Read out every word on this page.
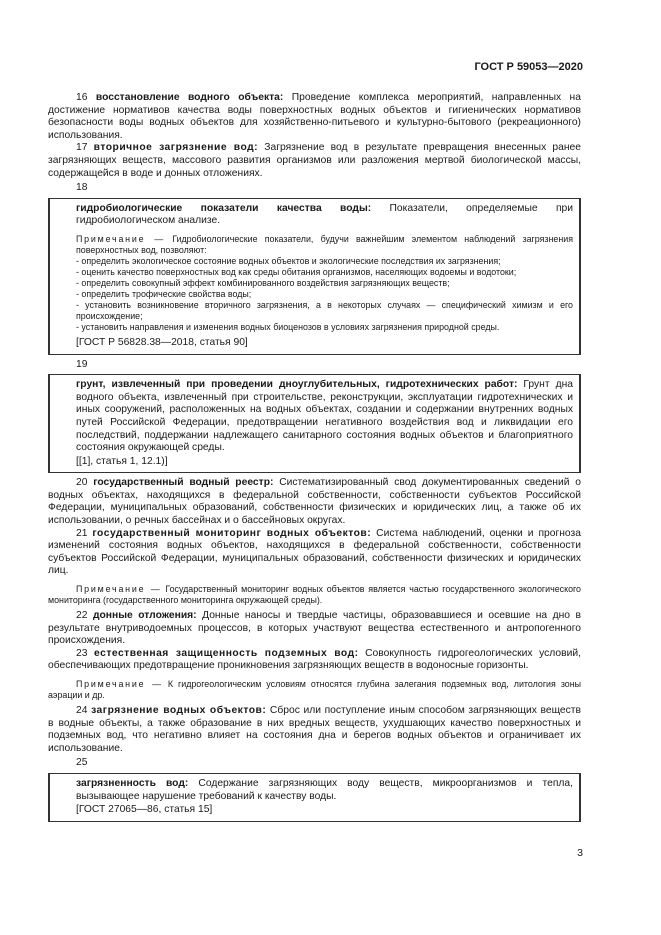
ГОСТ Р 59053—2020

16 восстановление водного объекта: Проведение комплекса мероприятий, направленных на достижение нормативов качества воды поверхностных водных объектов и гигиенических нормативов безопасности воды водных объектов для хозяйственно-питьевого и культурно-бытового (рекреационного) использования.

17 вторичное загрязнение вод: Загрязнение вод в результате превращения внесенных ранее загрязняющих веществ, массового развития организмов или разложения мертвой биологической массы, содержащейся в воде и донных отложениях.

18

гидробиологические показатели качества воды: Показатели, определяемые при гидробиологическом анализе.

Примечание — Гидробиологические показатели, будучи важнейшим элементом наблюдений загрязнения поверхностных вод, позволяют:

- определить экологическое состояние водных объектов и экологические последствия их загрязнения;

- оценить качество поверхностных вод как среды обитания организмов, населяющих водоемы и водотоки;

- определить совокупный эффект комбинированного воздействия загрязняющих веществ;

- определить трофические свойства воды;

- установить возникновение вторичного загрязнения, а в некоторых случаях — специфический химизм и его происхождение;

- установить направления и изменения водных биоценозов в условиях загрязнения природной среды.

[ГОСТ Р 56828.38—2018, статья 90]

19

грунт, извлеченный при проведении дноуглубительных, гидротехнических работ: Грунт дна водного объекта, извлеченный при строительстве, реконструкции, эксплуатации гидротехнических и иных сооружений, расположенных на водных объектах, создании и содержании внутренних водных путей Российской Федерации, предотвращении негативного воздействия вод и ликвидации его последствий, поддержании надлежащего санитарного состояния водных объектов и благоприятного состояния окружающей среды.

[[1], статья 1, 12.1)]

20 государственный водный реестр: Систематизированный свод документированных сведений о водных объектах, находящихся в федеральной собственности, собственности субъектов Российской Федерации, муниципальных образований, собственности физических и юридических лиц, а также об их использовании, о речных бассейнах и о бассейновых округах.

21 государственный мониторинг водных объектов: Система наблюдений, оценки и прогноза изменений состояния водных объектов, находящихся в федеральной собственности, собственности субъектов Российской Федерации, муниципальных образований, собственности физических и юридических лиц.

Примечание — Государственный мониторинг водных объектов является частью государственного экологического мониторинга (государственного мониторинга окружающей среды).

22 донные отложения: Донные наносы и твердые частицы, образовавшиеся и осевшие на дно в результате внутриводоемных процессов, в которых участвуют вещества естественного и антропогенного происхождения.

23 естественная защищенность подземных вод: Совокупность гидрогеологических условий, обеспечивающих предотвращение проникновения загрязняющих веществ в водоносные горизонты.

Примечание — К гидрогеологическим условиям относятся глубина залегания подземных вод, литология зоны аэрации и др.

24 загрязнение водных объектов: Сброс или поступление иным способом загрязняющих веществ в водные объекты, а также образование в них вредных веществ, ухудшающих качество поверхностных и подземных вод, что негативно влияет на состояния дна и берегов водных объектов и ограничивает их использование.

25

загрязненность вод: Содержание загрязняющих воду веществ, микроорганизмов и тепла, вызывающее нарушение требований к качеству воды.

[ГОСТ 27065—86, статья 15]

3
